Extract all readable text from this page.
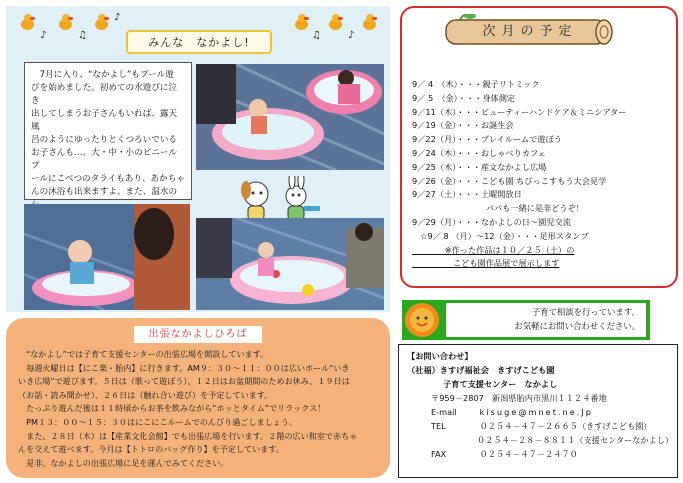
♪	♫
♪
♫	♪
みんな　なかよし!
　7月に入り、“なかよし”もプール遊
びを始めました。初めての水遊びに泣き
出してしまうお子さんもいれば、露天風
呂のようにゆったりとくつろいでいる
お子さんも…。大・中・小のビニールプ
ールにこべつのタライもあり、あかちゃ
んの沐浴も出来ますよ。また、温水の
次月の予定
9／ 4　（木）・・・親子リトミック
9／ 5　（金）・・・身体測定
9／11（木）・・・ビューティーハンドケア＆ミニシアター
9／19（金）・・・お誕生会
9／22（月）・・・プレイルームで遊ぼう
9／24（木）・・・おしゃべりカフェ
9／25（木）・・・産文なかよし広場
9／26（金）・・・こども園 ちびっこすもう大会見学
9／27（土）・・・土曜開放日
　　　　　　　　　パパも一緒に是非どうぞ！
9／29（月）・・・なかよしの日～園児交流
　☆9／ 8 （月）～12（金）・・・足形スタンプ
　　　　※作った作品は１０／２５（土）の
　　　　　こども園作品展で展示します
子育て相談を行っています。
お気軽にお問い合わせください。
出張なかよしひろば
　“なかよし”では子育て支援センターの出張広場を開設しています。
　毎週火曜日は【にこ楽・胎内】に行きます。AM９：３０～１１：００は広いホール“いき
いき広場”で遊びます。５日は（歌って遊ぼう）、１２日はお盆期間のためお休み、１９日は
（お話・読み聞かせ）、２６日は（触れ合い遊び）を予定しています。
　たっぷり遊んだ後は１１時頃からお茶を飲みながら“ホッとタイム”でリラックス！
　PM１３：００～１５：３０はにこにこルームでのんびり過ごしましょう。
　また、２８日（木）は【産業文化会館】でも出張広場を行います。２階の広い和室で赤ちゃ
んを交えて遊べます。今月は【トトロのバッグ作り】を予定しています。
　是非、なかよしの出張広場に足を運んでみてください。
【お問い合わせ】
（社福）きすげ福祉会　きすげこども園
子育て支援センター　なかよし
〒959－2807　新潟県胎内市黒川１１２４番地
E-mail	kisuge@mnet.ne.Jp
TEL	０２５４－４７－２６６５（きすげこども園）
０２５４－２８－８８１１（支援センターなかよし）
FAX	０２５４－４７－２４７０
